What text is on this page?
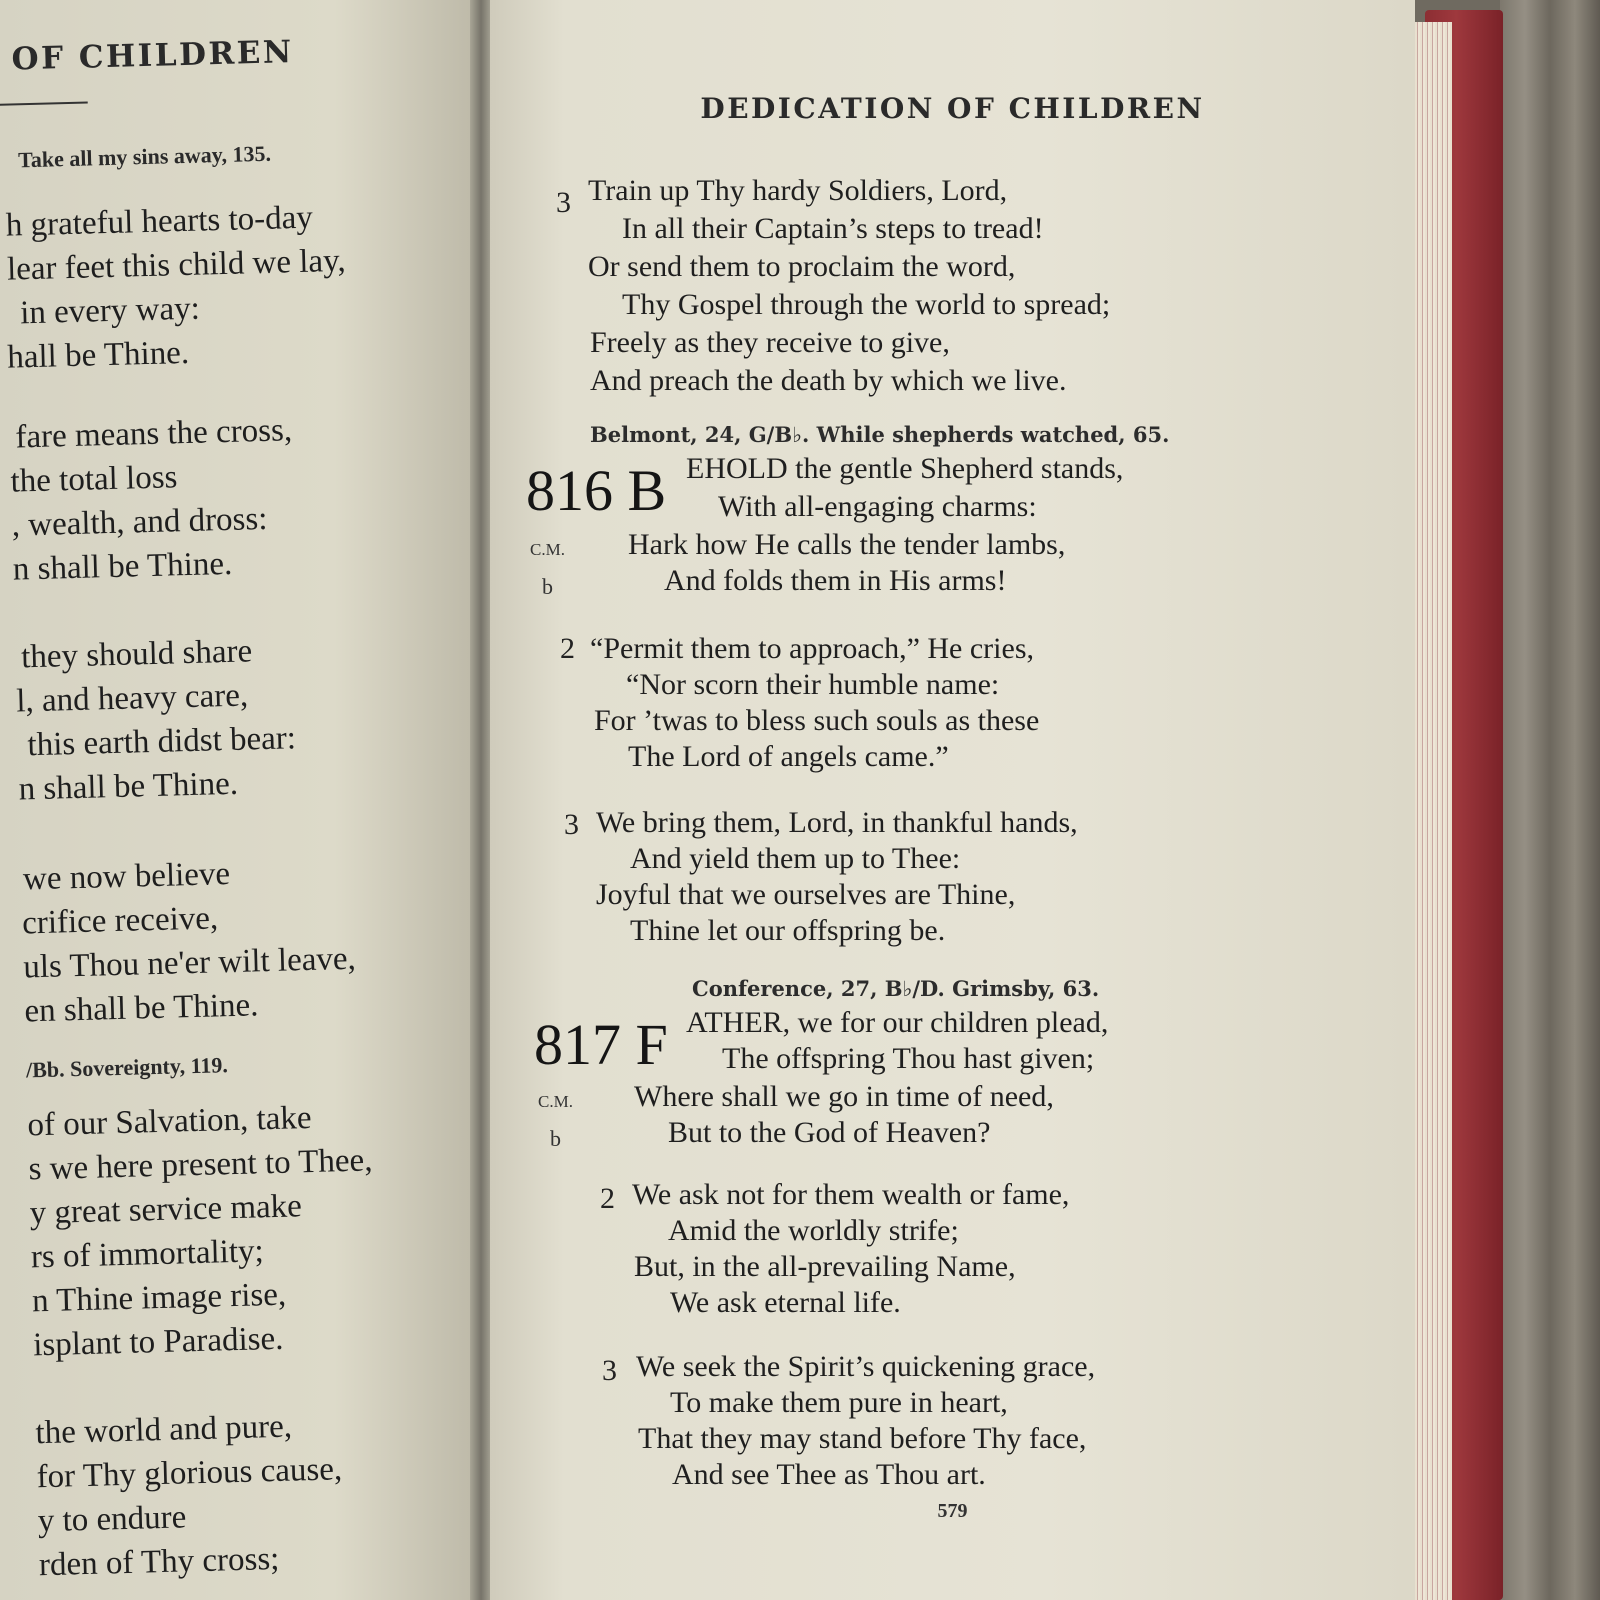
OF CHILDREN
Take all my sins away, 135.
h grateful hearts to-day
lear feet this child we lay,
in every way:
hall be Thine.
fare means the cross,
the total loss
, wealth, and dross:
n shall be Thine.
they should share
l, and heavy care,
this earth didst bear:
n shall be Thine.
we now believe
crifice receive,
uls Thou ne'er wilt leave,
en shall be Thine.
/Bb. Sovereignty, 119.
of our Salvation, take
s we here present to Thee,
y great service make
rs of immortality;
n Thine image rise,
isplant to Paradise.
the world and pure,
for Thy glorious cause,
y to endure
rden of Thy cross;
DEDICATION OF CHILDREN
3 Train up Thy hardy Soldiers, Lord,
In all their Captain’s steps to tread!
Or send them to proclaim the word,
Thy Gospel through the world to spread;
Freely as they receive to give,
And preach the death by which we live.
Belmont, 24, G/B♭. While shepherds watched, 65.
816 B EHOLD the gentle Shepherd stands,
With all-engaging charms:
C.M. Hark how He calls the tender lambs,
b	And folds them in His arms!
2 “Permit them to approach,” He cries,
“Nor scorn their humble name:
For ’twas to bless such souls as these
The Lord of angels came.”
3 We bring them, Lord, in thankful hands,
And yield them up to Thee:
Joyful that we ourselves are Thine,
Thine let our offspring be.
Conference, 27, B♭/D. Grimsby, 63.
817 F ATHER, we for our children plead,
The offspring Thou hast given;
C.M. Where shall we go in time of need,
b	But to the God of Heaven?
2 We ask not for them wealth or fame,
Amid the worldly strife;
But, in the all-prevailing Name,
We ask eternal life.
3 We seek the Spirit’s quickening grace,
To make them pure in heart,
That they may stand before Thy face,
And see Thee as Thou art.
579
